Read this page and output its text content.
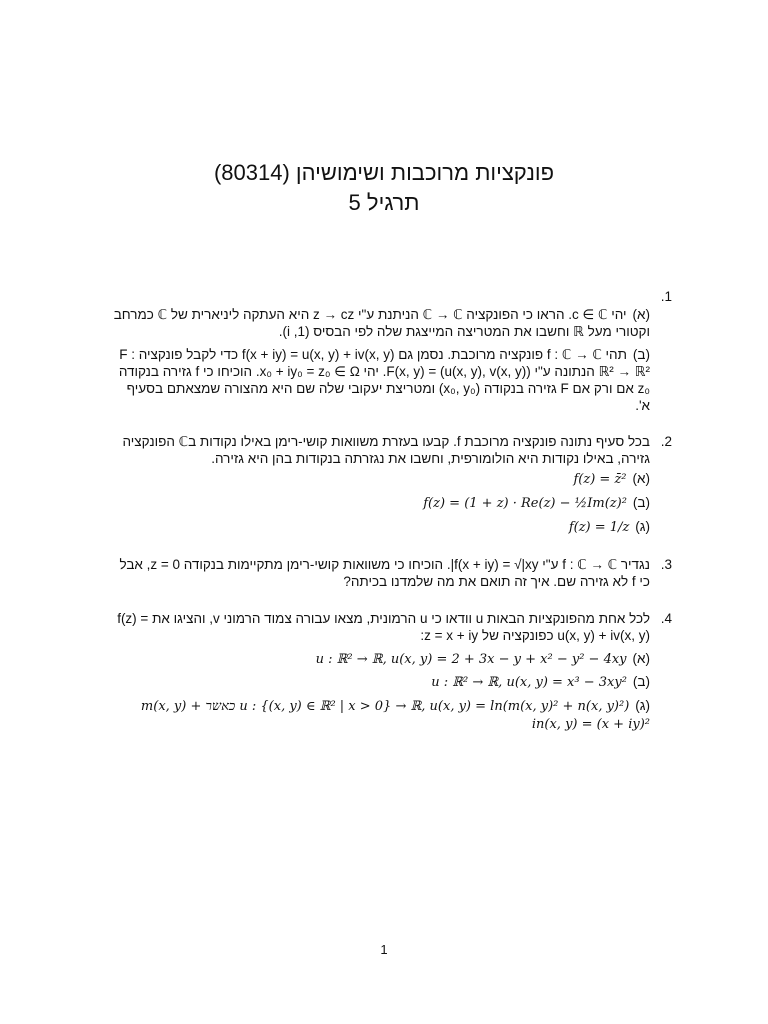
פונקציות מרוכבות ושימושיהן (80314)
תרגיל 5
1.
(א)יהי c ∈ ℂ. הראו כי הפונקציה ℂ → ℂ הניתנת ע"י z → cz היא העתקה ליניארית של ℂ כמרחב וקטורי מעל ℝ וחשבו את המטריצה המייצגת שלה לפי הבסיס (1, i).
(ב)תהי f : ℂ → ℂ פונקציה מרוכבת. נסמן גם f(x + iy) = u(x, y) + iv(x, y) כדי לקבל פונקציה F : ℝ² → ℝ² הנתונה ע"י F(x, y) = (u(x, y), v(x, y)). יהי x₀ + iy₀ = z₀ ∈ Ω. הוכיחו כי f גזירה בנקודה z₀ אם ורק אם F גזירה בנקודה (x₀, y₀) ומטריצת יעקובי שלה שם היא מהצורה שמצאתם בסעיף א'.
2.
בכל סעיף נתונה פונקציה מרוכבת f. קבעו בעזרת משוואות קושי-רימן באילו נקודות בℂ הפונקציה גזירה, באילו נקודות היא הולומורפית, וחשבו את נגזרתה בנקודות בהן היא גזירה.
(א)f(z) = z̄²
(ב)f(z) = (1 + z) · Re(z) − ½Im(z)²
(ג)f(z) = 1/z
3.
נגדיר f : ℂ → ℂ ע"י f(x + iy) = √|xy|. הוכיחו כי משוואות קושי-רימן מתקיימות בנקודה z = 0, אבל כי f לא גזירה שם. איך זה תואם את מה שלמדנו בכיתה?
4.
לכל אחת מהפונקציות הבאות u וודאו כי u הרמונית, מצאו עבורה צמוד הרמוני v, והציגו את f(z) = u(x, y) + iv(x, y) כפונקציה של z = x + iy:
(א)u : ℝ² → ℝ, u(x, y) = 2 + 3x − y + x² − y² − 4xy
(ב)u : ℝ² → ℝ, u(x, y) = x³ − 3xy²
(ג)u : {(x, y) ∈ ℝ² | x > 0} → ℝ, u(x, y) = ln(m(x, y)² + n(x, y)²) כאשר m(x, y) + in(x, y) = (x + iy)²
1
